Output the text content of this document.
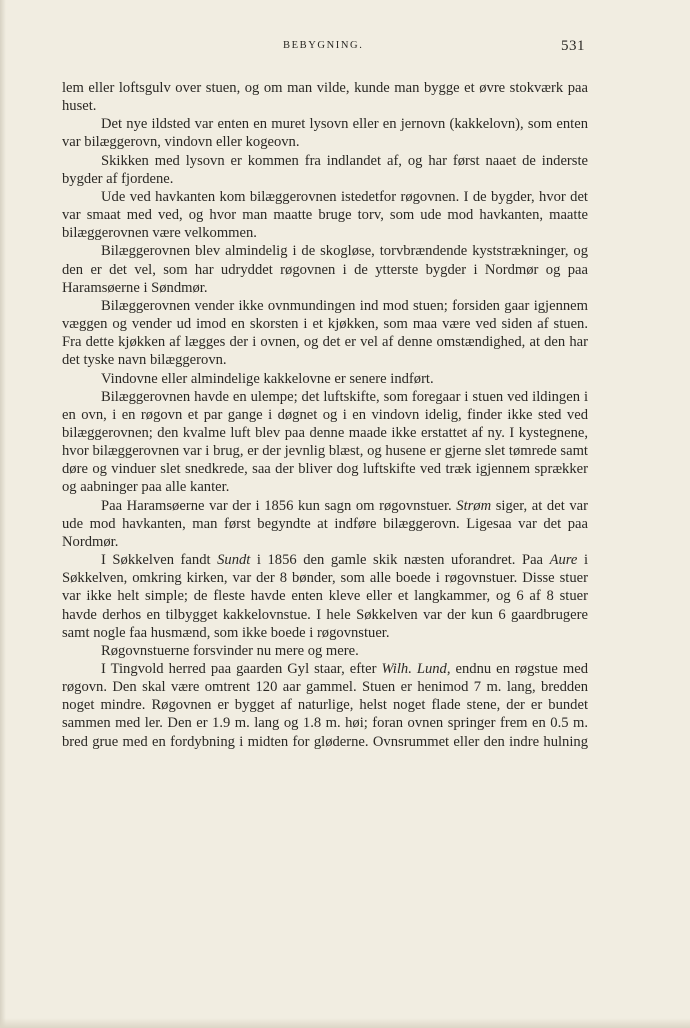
BEBYGNING.	531

lem eller loftsgulv over stuen, og om man vilde, kunde man bygge et øvre stokværk paa huset.

Det nye ildsted var enten en muret lysovn eller en jernovn (kakkelovn), som enten var bilæggerovn, vindovn eller kogeovn.

Skikken med lysovn er kommen fra indlandet af, og har først naaet de inderste bygder af fjordene.

Ude ved havkanten kom bilæggerovnen istedetfor røgovnen. I de bygder, hvor det var smaat med ved, og hvor man maatte bruge torv, som ude mod havkanten, maatte bilæggerovnen være velkommen.

Bilæggerovnen blev almindelig i de skogløse, torvbrændende kyststrækninger, og den er det vel, som har udryddet røgovnen i de ytterste bygder i Nordmør og paa Haramsøerne i Søndmør.

Bilæggerovnen vender ikke ovnmundingen ind mod stuen; forsiden gaar igjennem væggen og vender ud imod en skorsten i et kjøkken, som maa være ved siden af stuen. Fra dette kjøkken af lægges der i ovnen, og det er vel af denne omstændighed, at den har det tyske navn bilæggerovn.

Vindovne eller almindelige kakkelovne er senere indført.

Bilæggerovnen havde en ulempe; det luftskifte, som foregaar i stuen ved ildingen i en ovn, i en røgovn et par gange i døgnet og i en vindovn idelig, finder ikke sted ved bilæggerovnen; den kvalme luft blev paa denne maade ikke erstattet af ny. I kystegnene, hvor bilæggerovnen var i brug, er der jevnlig blæst, og husene er gjerne slet tømrede samt døre og vinduer slet snedkrede, saa der bliver dog luftskifte ved træk igjennem sprækker og aabninger paa alle kanter.

Paa Haramsøerne var der i 1856 kun sagn om røgovnstuer. Strøm siger, at det var ude mod havkanten, man først begyndte at indføre bilæggerovn. Ligesaa var det paa Nordmør.

I Søkkelven fandt Sundt i 1856 den gamle skik næsten uforandret. Paa Aure i Søkkelven, omkring kirken, var der 8 bønder, som alle boede i røgovnstuer. Disse stuer var ikke helt simple; de fleste havde enten kleve eller et langkammer, og 6 af 8 stuer havde derhos en tilbygget kakkelovnstue. I hele Søkkelven var der kun 6 gaardbrugere samt nogle faa husmænd, som ikke boede i røgovnstuer.

Røgovnstuerne forsvinder nu mere og mere.

I Tingvold herred paa gaarden Gyl staar, efter Wilh. Lund, endnu en røgstue med røgovn. Den skal være omtrent 120 aar gammel. Stuen er henimod 7 m. lang, bredden noget mindre. Røgovnen er bygget af naturlige, helst noget flade stene, der er bundet sammen med ler. Den er 1.9 m. lang og 1.8 m. høi; foran ovnen springer frem en 0.5 m. bred grue med en fordybning i midten for gløderne. Ovnsrummet eller den indre hulning
